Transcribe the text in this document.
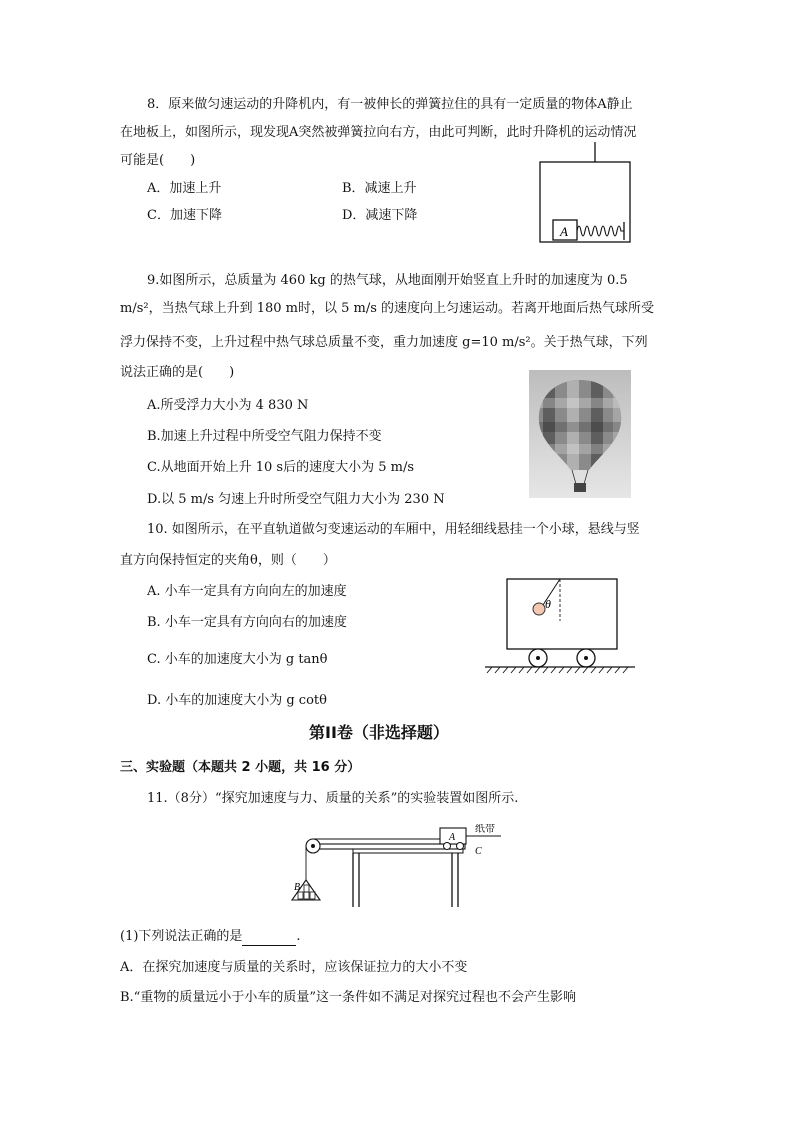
8．原来做匀速运动的升降机内，有一被伸长的弹簧拉住的具有一定质量的物体A静止
在地板上，如图所示，现发现A突然被弹簧拉向右方，由此可判断，此时升降机的运动情况
可能是(　　)
A．加速上升	B．减速上升
C．加速下降	D．减速下降
A
9.如图所示，总质量为 460 kg 的热气球，从地面刚开始竖直上升时的加速度为 0.5
m/s²，当热气球上升到 180 m时，以 5 m/s 的速度向上匀速运动。若离开地面后热气球所受
浮力保持不变，上升过程中热气球总质量不变，重力加速度 g=10 m/s²。关于热气球，下列
说法正确的是(　　)
A.所受浮力大小为 4 830 N
B.加速上升过程中所受空气阻力保持不变
C.从地面开始上升 10 s后的速度大小为 5 m/s
D.以 5 m/s 匀速上升时所受空气阻力大小为 230 N
10. 如图所示，在平直轨道做匀变速运动的车厢中，用轻细线悬挂一个小球，悬线与竖
直方向保持恒定的夹角θ，则（　　）
A. 小车一定具有方向向左的加速度
B. 小车一定具有方向向右的加速度
C. 小车的加速度大小为 g tanθ
D. 小车的加速度大小为 g cotθ
θ
第II卷（非选择题）
三、实验题（本题共 2 小题，共 16 分）
11.（8分）“探究加速度与力、质量的关系”的实验装置如图所示.
A
纸带
C
B
(1)下列说法正确的是	.
A．在探究加速度与质量的关系时，应该保证拉力的大小不变
B.“重物的质量远小于小车的质量”这一条件如不满足对探究过程也不会产生影响
